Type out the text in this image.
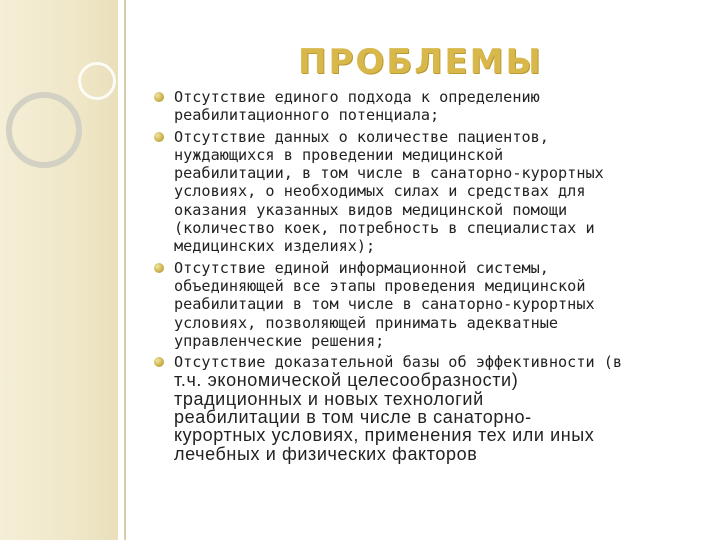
ПРОБЛЕМЫ
Отсутствие единого подхода к определению
реабилитационного потенциала;
Отсутствие данных о количестве пациентов,
нуждающихся в проведении медицинской
реабилитации, в том числе в санаторно-курортных
условиях, о необходимых силах и средствах для
оказания указанных видов медицинской помощи
(количество коек, потребность в специалистах и
медицинских изделиях);
Отсутствие единой информационной системы,
объединяющей все этапы проведения медицинской
реабилитации в том числе в санаторно-курортных
условиях, позволяющей принимать адекватные
управленческие решения;
Отсутствие доказательной базы об эффективности (в
т.ч. экономической целесообразности)
традиционных и новых технологий
реабилитации в том числе в санаторно-
курортных условиях, применения тех или иных
лечебных и физических факторов
